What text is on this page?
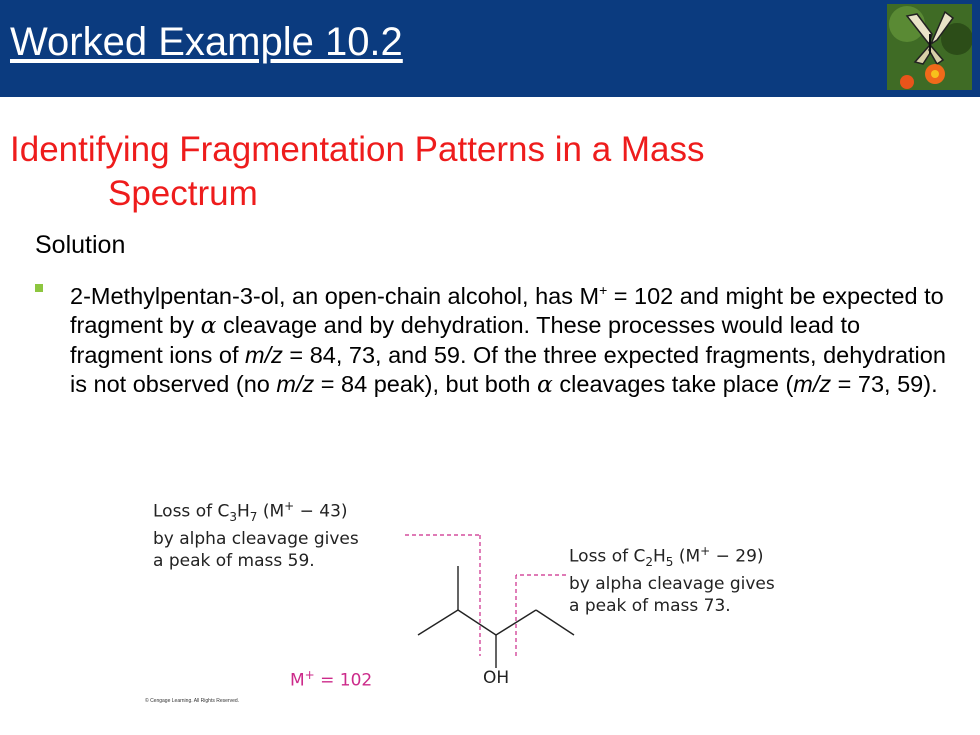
Worked Example 10.2
Identifying Fragmentation Patterns in a Mass
Spectrum
Solution
2-Methylpentan-3-ol, an open-chain alcohol, has M+ = 102 and might be expected to fragment by α cleavage and by dehydration. These processes would lead to fragment ions of m/z = 84, 73, and 59. Of the three expected fragments, dehydration is not observed (no m/z = 84 peak), but both α cleavages take place (m/z = 73, 59).
Loss of $C_3H_7$ (M+ − 43)
by alpha cleavage gives
a peak of mass 59.	Loss of $C_2H_5$ (M+ − 29)
by alpha cleavage gives
a peak of mass 73.
M+ = 102	OH
© Cengage Learning. All Rights Reserved.
